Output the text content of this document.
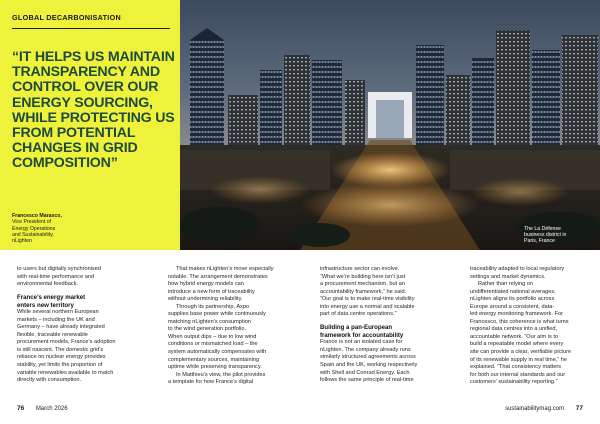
GLOBAL DECARBONISATION
“IT HELPS US MAINTAIN TRANSPARENCY AND CONTROL OVER OUR ENERGY SOURCING, WHILE PROTECTING US FROM POTENTIAL CHANGES IN GRID COMPOSITION”
Francesco Marasco,
Vice President of
Energy Operations
and Sustainability,
nLighten
The La Défense
business district in
Paris, France

to users but digitally synchronised
with real-time performance and
environmental feedback.

France’s energy market
enters new territory

While several northern European
markets – including the UK and
Germany – have already integrated
flexible, traceable renewable
procurement models, France’s adoption
is still nascent. The domestic grid’s
reliance on nuclear energy provides
stability, yet limits the proportion of
variable renewables available to match
directly with consumption.

That makes nLighten’s move especially
notable. The arrangement demonstrates
how hybrid energy models can
introduce a new form of traceability
without undermining reliability.

Through its partnership, Axpo
supplies base power while continuously
matching nLighten’s consumption
to the wind generation portfolio.
When output dips – due to low wind
conditions or mismatched load – the
system automatically compensates with
complementary sources, maintaining
uptime while preserving transparency.

In Matthieu’s view, the pilot provides
a template for how France’s digital

infrastructure sector can evolve.
“What we’re building here isn’t just
a procurement mechanism, but an
accountability framework,” he said.
“Our goal is to make real-time visibility
into energy use a normal and scalable
part of data centre operations.”

Building a pan-European
framework for accountability

France is not an isolated case for
nLighten. The company already runs
similarly structured agreements across
Spain and the UK, working respectively
with Shell and Conrad Energy. Each
follows the same principle of real-time

traceability adapted to local regulatory
settings and market dynamics.

Rather than relying on
undifferentiated national averages,
nLighten aligns its portfolio across
Europe around a consistent, data-
led energy monitoring framework. For
Francesco, this coherence is what turns
regional data centres into a unified,
accountable network. “Our aim is to
build a repeatable model where every
site can provide a clear, verifiable picture
of its renewable supply in real time,” he
explained. “That consistency matters
for both our internal standards and our
customers’ sustainability reporting.”

76 March 2026	sustainabilitymag.com 77
